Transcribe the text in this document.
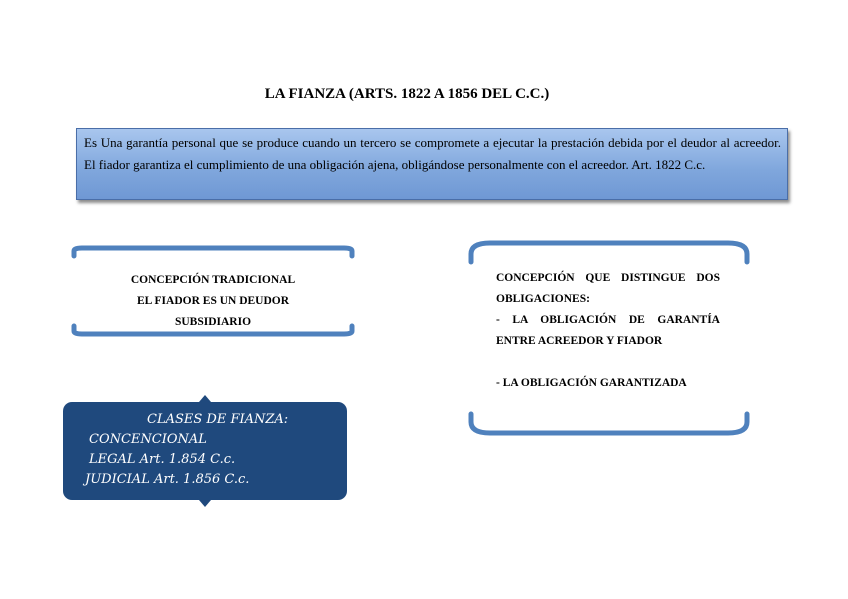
LA FIANZA (ARTS. 1822 A 1856 DEL C.C.)
Es Una garantía personal que se produce cuando un tercero se compromete a ejecutar la prestación debida por el deudor al acreedor. El fiador garantiza el cumplimiento de una obligación ajena, obligándose personalmente con el acreedor. Art. 1822 C.c.
CONCEPCIÓN TRADICIONAL
EL FIADOR ES UN DEUDOR
SUBSIDIARIO
CONCEPCIÓN QUE DISTINGUE DOS OBLIGACIONES:
- LA OBLIGACIÓN DE GARANTÍA ENTRE ACREEDOR Y FIADOR
- LA OBLIGACIÓN GARANTIZADA
CLASES DE FIANZA:
CONCENCIONAL
LEGAL Art. 1.854 C.c.
JUDICIAL Art. 1.856 C.c.
